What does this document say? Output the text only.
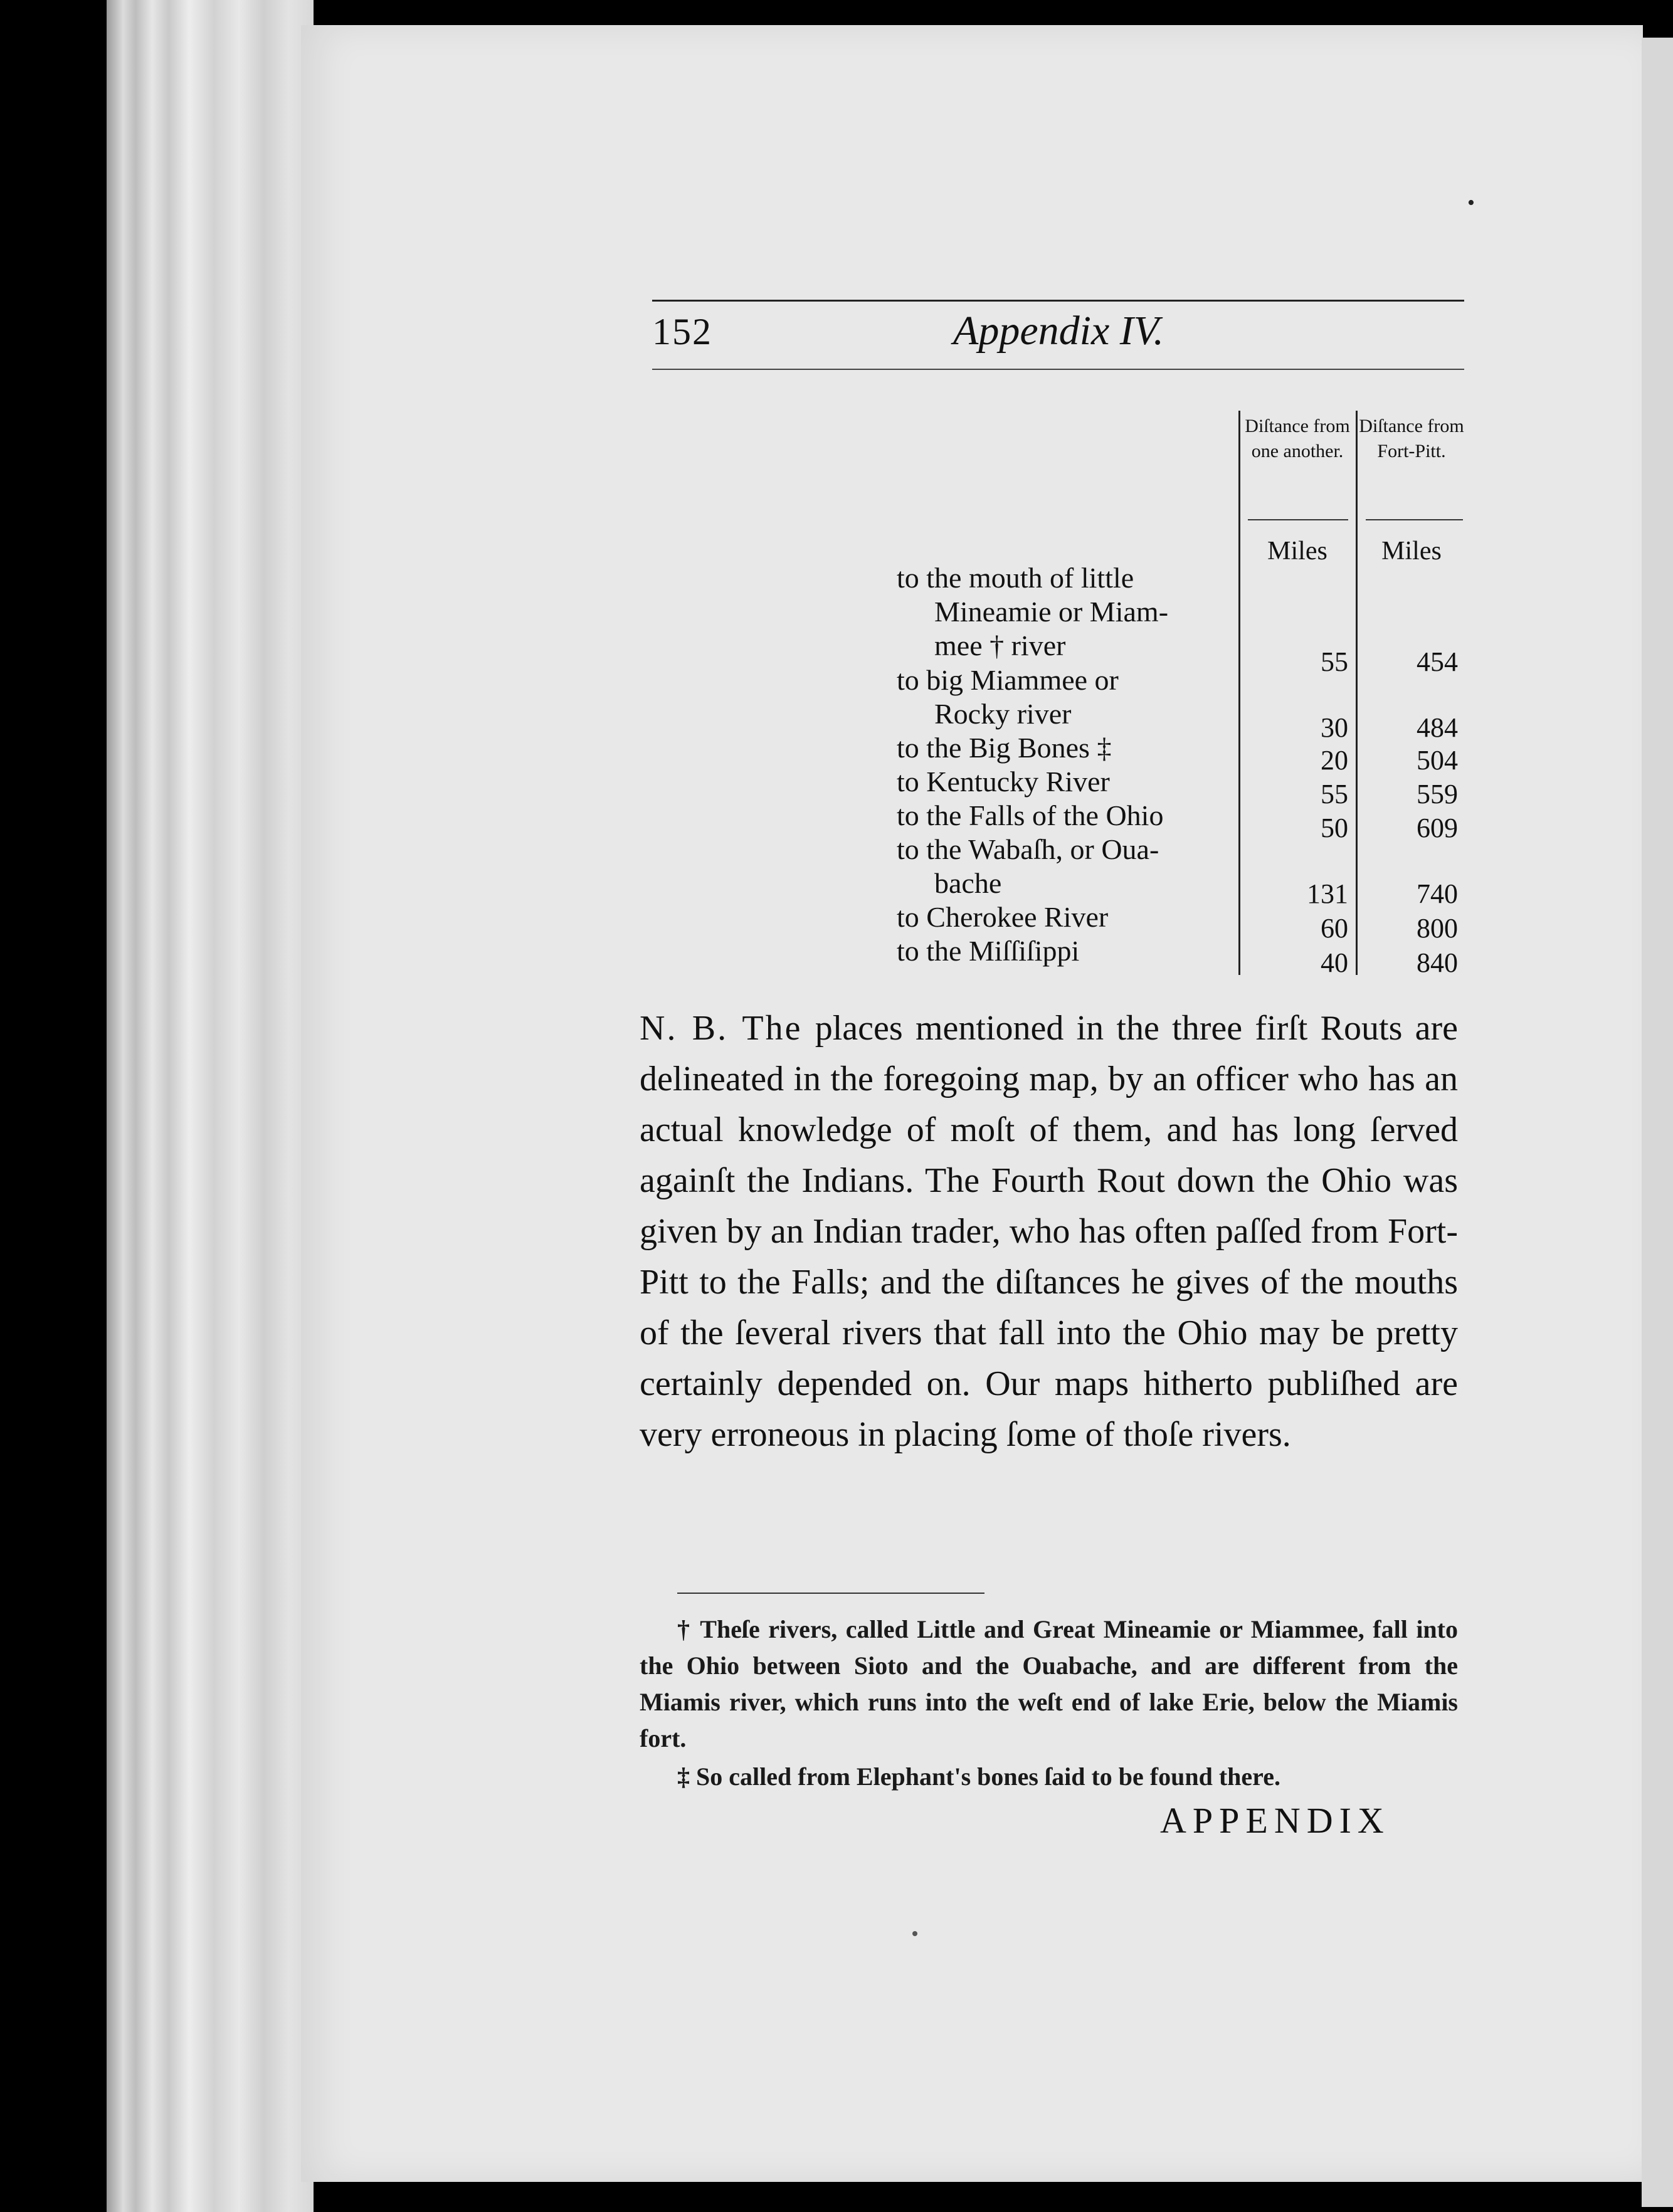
•
152	Appendix IV.
Diſtance from one another.
Diſtance from Fort-Pitt.
Miles	Miles
to the mouth of little
Mineamie or Miam-
mee † river
55	454
to big Miammee or
Rocky river	30	484
to the Big Bones ‡	20	504
to Kentucky River	55	559
to the Falls of the Ohio	50	609
to the Wabaſh, or Oua-
bache	131	740
to Cherokee River	60	800
to the Miſſiſippi	40	840
N. B. The places mentioned in the three firſt Routs are delineated in the foregoing map, by an officer who has an actual knowledge of moſt of them, and has long ſerved againſt the Indians. The Fourth Rout down the Ohio was given by an Indian trader, who has often paſſed from Fort-Pitt to the Falls; and the diſtances he gives of the mouths of the ſeveral rivers that fall into the Ohio may be pretty certainly depended on. Our maps hitherto publiſhed are very erroneous in placing ſome of thoſe rivers.
† Theſe rivers, called Little and Great Mineamie or Miammee, fall into the Ohio between Sioto and the Ouabache, and are different from the Miamis river, which runs into the weſt end of lake Erie, below the Miamis fort.
‡ So called from Elephant's bones ſaid to be found there.
APPENDIX
